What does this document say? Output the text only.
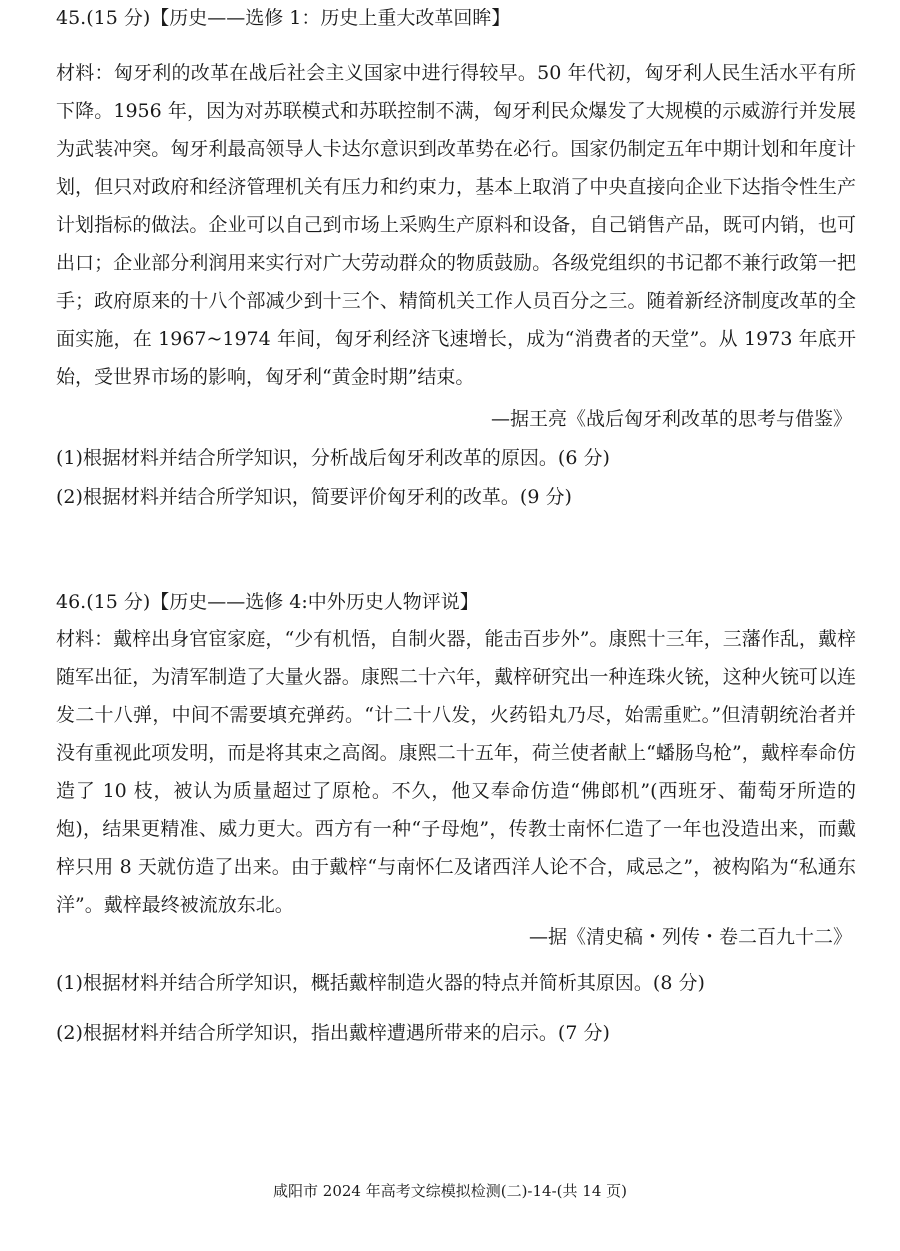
45.(15 分)【历史——选修 1：历史上重大改革回眸】
材料：匈牙利的改革在战后社会主义国家中进行得较早。50 年代初，匈牙利人民生活水平有所下降。1956 年，因为对苏联模式和苏联控制不满，匈牙利民众爆发了大规模的示威游行并发展为武装冲突。匈牙利最高领导人卡达尔意识到改革势在必行。国家仍制定五年中期计划和年度计划，但只对政府和经济管理机关有压力和约束力，基本上取消了中央直接向企业下达指令性生产计划指标的做法。企业可以自己到市场上采购生产原料和设备，自己销售产品，既可内销，也可出口；企业部分利润用来实行对广大劳动群众的物质鼓励。各级党组织的书记都不兼行政第一把手；政府原来的十八个部减少到十三个、精简机关工作人员百分之三。随着新经济制度改革的全面实施，在 1967~1974 年间，匈牙利经济飞速增长，成为“消费者的天堂”。从 1973 年底开始，受世界市场的影响，匈牙利“黄金时期”结束。
—据王亮《战后匈牙利改革的思考与借鉴》
(1)根据材料并结合所学知识，分析战后匈牙利改革的原因。(6 分)
(2)根据材料并结合所学知识，简要评价匈牙利的改革。(9 分)
46.(15 分)【历史——选修 4:中外历史人物评说】
材料：戴梓出身官宦家庭，“少有机悟，自制火器，能击百步外”。康熙十三年，三藩作乱，戴梓随军出征，为清军制造了大量火器。康熙二十六年，戴梓研究出一种连珠火铳，这种火铳可以连发二十八弹，中间不需要填充弹药。“计二十八发，火药铅丸乃尽，始需重贮。”但清朝统治者并没有重视此项发明，而是将其束之高阁。康熙二十五年，荷兰使者献上“蟠肠鸟枪”，戴梓奉命仿造了 10 枝，被认为质量超过了原枪。不久，他又奉命仿造“佛郎机”(西班牙、葡萄牙所造的炮)，结果更精准、威力更大。西方有一种“子母炮”，传教士南怀仁造了一年也没造出来，而戴梓只用 8 天就仿造了出来。由于戴梓“与南怀仁及诸西洋人论不合，咸忌之”，被构陷为“私通东洋”。戴梓最终被流放东北。
—据《清史稿・列传・卷二百九十二》
(1)根据材料并结合所学知识，概括戴梓制造火器的特点并简析其原因。(8 分)
(2)根据材料并结合所学知识，指出戴梓遭遇所带来的启示。(7 分)
咸阳市 2024 年高考文综模拟检测(二)-14-(共 14 页)
